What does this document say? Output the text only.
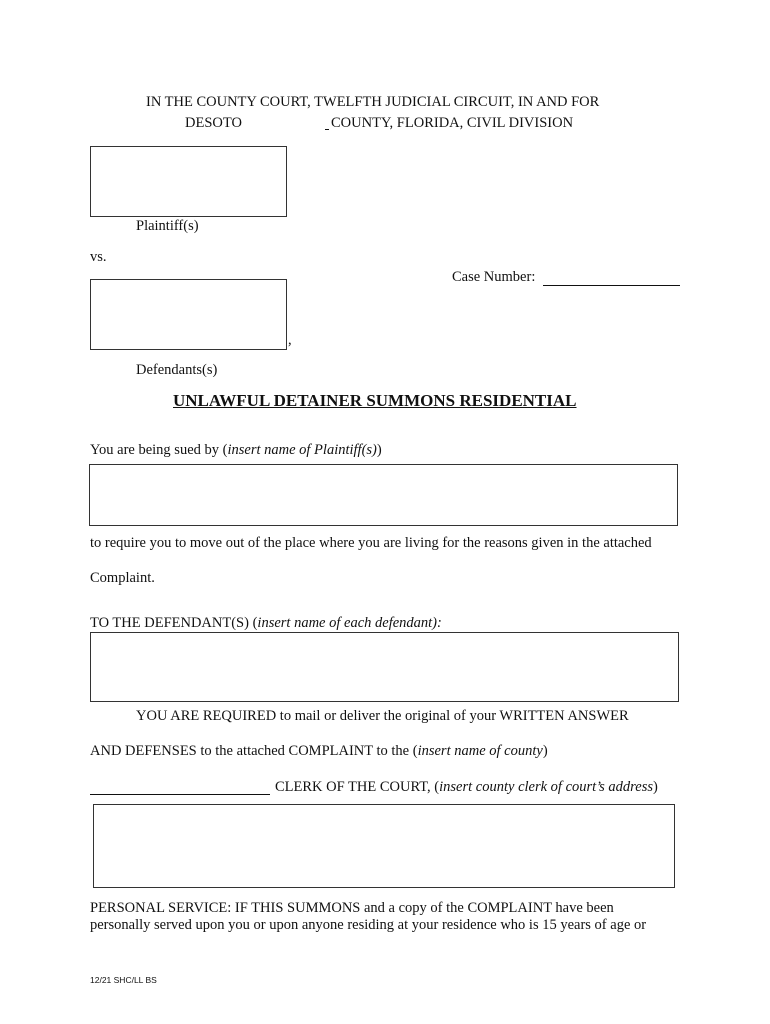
IN THE COUNTY COURT, TWELFTH JUDICIAL CIRCUIT, IN AND FOR
DESOTO	COUNTY, FLORIDA, CIVIL DIVISION
Plaintiff(s)
vs.
Case Number:
,
Defendants(s)
UNLAWFUL DETAINER SUMMONS RESIDENTIAL
You are being sued by (insert name of Plaintiff(s))
to require you to move out of the place where you are living for the reasons given in the attached
Complaint.
TO THE DEFENDANT(S) (insert name of each defendant):
YOU ARE REQUIRED to mail or deliver the original of your WRITTEN ANSWER
AND DEFENSES to the attached COMPLAINT to the (insert name of county)
CLERK OF THE COURT, (insert county clerk of court’s address)
PERSONAL SERVICE: IF THIS SUMMONS and a copy of the COMPLAINT have been
personally served upon you or upon anyone residing at your residence who is 15 years of age or
12/21 SHC/LL BS
